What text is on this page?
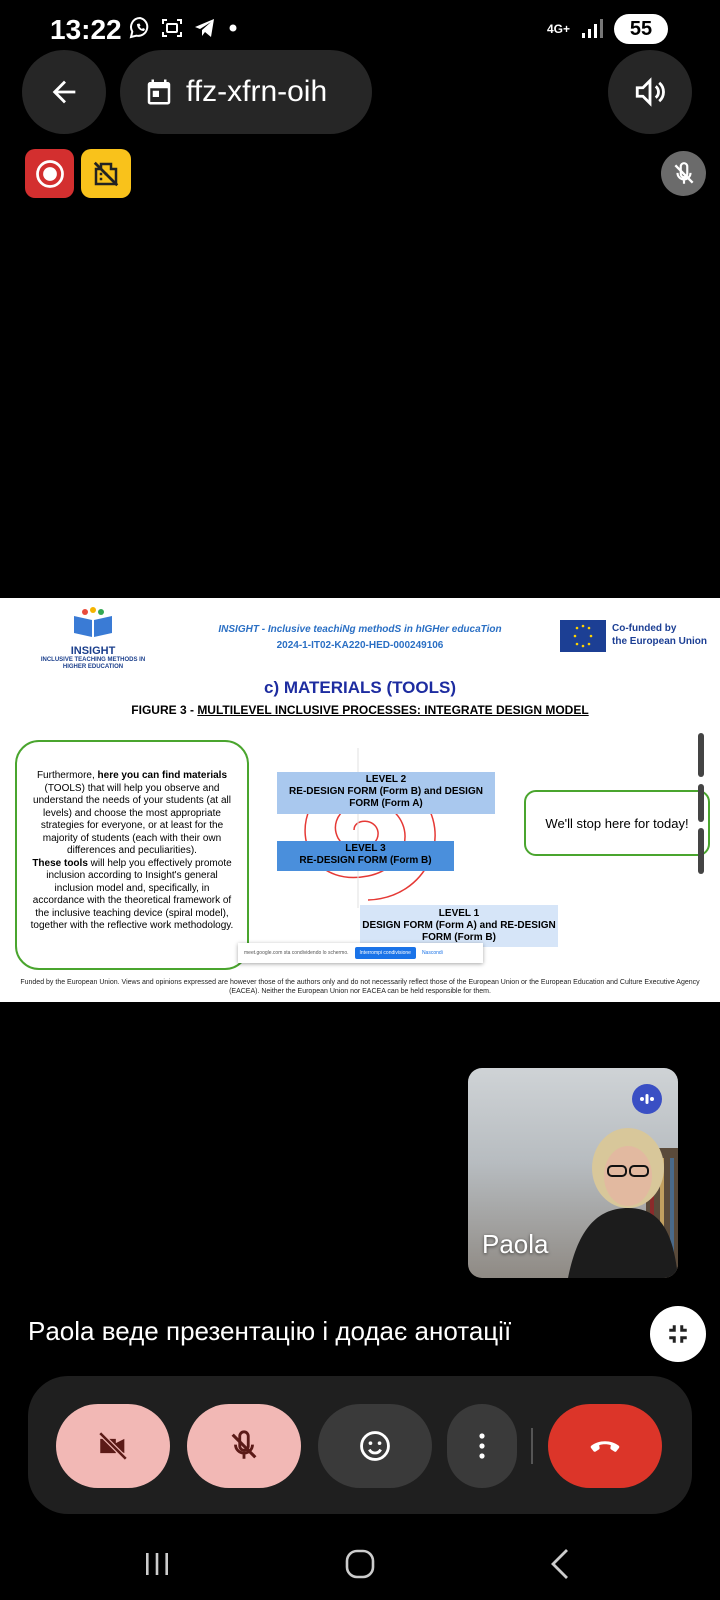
13:22	4G+	55
ffz-xfrn-oih
INSIGHT
INCLUSIVE TEACHING METHODS IN HIGHER EDUCATION
INSIGHT - Inclusive teachiNg methodS in hIGHer educaTion
2024-1-IT02-KA220-HED-000249106
Co-funded by
the European Union
c) MATERIALS (TOOLS)
FIGURE 3 - MULTILEVEL INCLUSIVE PROCESSES: INTEGRATE DESIGN MODEL
Furthermore, here you can find materials (TOOLS) that will help you observe and understand the needs of your students (at all levels) and choose the most appropriate strategies for everyone, or at least for the majority of students (each with their own differences and peculiarities).
These tools will help you effectively promote inclusion according to Insight's general inclusion model and, specifically, in accordance with the theoretical framework of the inclusive teaching device (spiral model), together with the reflective work methodology.
LEVEL 2
RE-DESIGN FORM (Form B) and DESIGN FORM (Form A)
LEVEL 3
RE-DESIGN FORM (Form B)
LEVEL 1
DESIGN FORM (Form A) and RE-DESIGN FORM (Form B)
We'll stop here for today!
meet.google.com sta condividendo lo schermo.	Interrompi condivisione	Nascondi
Funded by the European Union. Views and opinions expressed are however those of the authors only and do not necessarily reflect those of the European Union or the European Education and Culture Executive Agency (EACEA). Neither the European Union nor EACEA can be held responsible for them.
Paola
Paola веде презентацію і додає анотації
